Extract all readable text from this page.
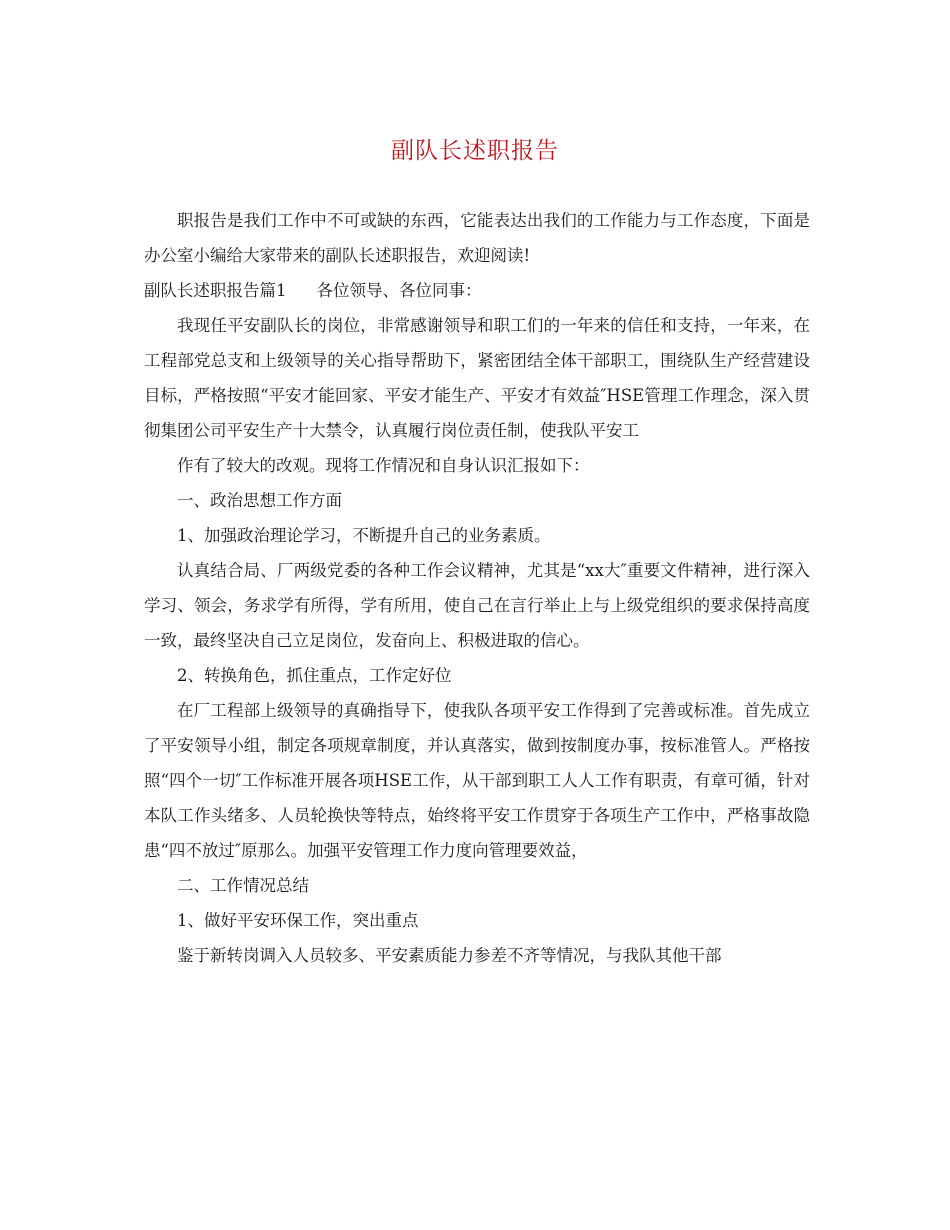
副队长述职报告

职报告是我们工作中不可或缺的东西，它能表达出我们的工作能力与工作态度，下面是办公室小编给大家带来的副队长述职报告，欢迎阅读!

副队长述职报告篇1 各位领导、各位同事：

我现任平安副队长的岗位，非常感谢领导和职工们的一年来的信任和支持，一年来，在工程部党总支和上级领导的关心指导帮助下，紧密团结全体干部职工，围绕队生产经营建设目标，严格按照“平安才能回家、平安才能生产、平安才有效益″HSE管理工作理念，深入贯彻集团公司平安生产十大禁令，认真履行岗位责任制，使我队平安工

作有了较大的改观。现将工作情况和自身认识汇报如下：

一、政治思想工作方面

1、加强政治理论学习，不断提升自己的业务素质。

认真结合局、厂两级党委的各种工作会议精神，尤其是“xx大″重要文件精神，进行深入学习、领会，务求学有所得，学有所用，使自己在言行举止上与上级党组织的要求保持高度一致，最终坚决自己立足岗位，发奋向上、积极进取的信心。

2、转换角色，抓住重点，工作定好位

在厂工程部上级领导的真确指导下，使我队各项平安工作得到了完善或标准。首先成立了平安领导小组，制定各项规章制度，并认真落实，做到按制度办事，按标准管人。严格按照“四个一切″工作标准开展各项HSE工作，从干部到职工人人工作有职责，有章可循，针对本队工作头绪多、人员轮换快等特点，始终将平安工作贯穿于各项生产工作中，严格事故隐患“四不放过″原那么。加强平安管理工作力度向管理要效益，

二、工作情况总结

1、做好平安环保工作，突出重点

鉴于新转岗调入人员较多、平安素质能力参差不齐等情况，与我队其他干部
